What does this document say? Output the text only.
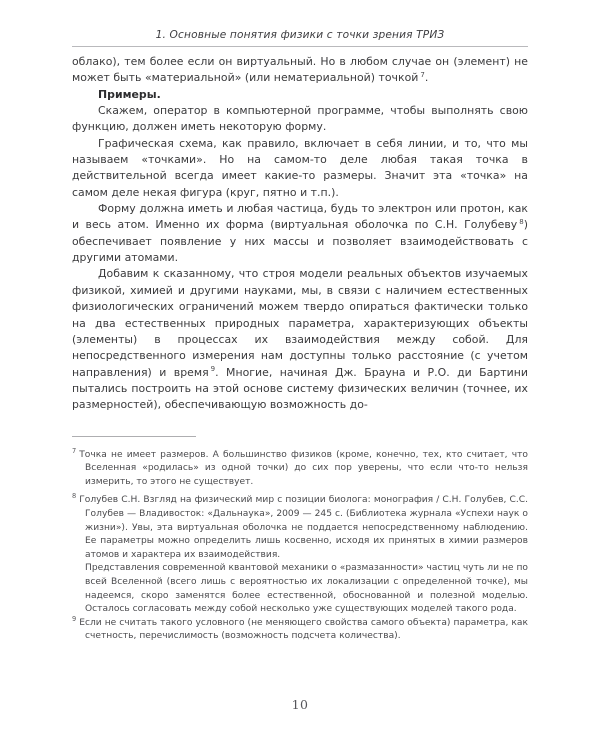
1. Основные понятия физики с точки зрения ТРИЗ

облако), тем более если он виртуальный. Но в любом случае он (элемент) не может быть «материальной» (или нематериальной) точкой $^7$.

Примеры.

Скажем, оператор в компьютерной программе, чтобы выполнять свою функцию, должен иметь некоторую форму.

Графическая схема, как правило, включает в себя линии, и то, что мы называем «точками». Но на самом-то деле любая такая точка в действительной всегда имеет какие-то размеры. Значит эта «точка» на самом деле некая фигура (круг, пятно и т.п.).

Форму должна иметь и любая частица, будь то электрон или протон, как и весь атом. Именно их форма (виртуальная оболочка по С.Н. Голубеву $^8$) обеспечивает появление у них массы и позволяет взаимодействовать с другими атомами.

Добавим к сказанному, что строя модели реальных объектов изучаемых физикой, химией и другими науками, мы, в связи с наличием естественных физиологических ограничений можем твердо опираться фактически только на два естественных природных параметра, характеризующих объекты (элементы) в процессах их взаимодействия между собой. Для непосредственного измерения нам доступны только расстояние (с учетом направления) и время $^9$. Многие, начиная Дж. Брауна и Р.О. ди Бартини пытались построить на этой основе систему физических величин (точнее, их размерностей), обеспечивающую возможность до-

$^7$ Точка не имеет размеров. А большинство физиков (кроме, конечно, тех, кто считает, что Вселенная «родилась» из одной точки) до сих пор уверены, что если что-то нельзя измерить, то этого не существует.

$^8$ Голубев С.Н. Взгляд на физический мир с позиции биолога: монография / С.Н. Голубев, С.С. Голубев — Владивосток: «Дальнаука», 2009 — 245 с. (Библиотека журнала «Успехи наук о жизни»). Увы, эта виртуальная оболочка не поддается непосредственному наблюдению. Ее параметры можно определить лишь косвенно, исходя их принятых в химии размеров атомов и характера их взаимодействия.

Представления современной квантовой механики о «размазанности» частиц чуть ли не по всей Вселенной (всего лишь с вероятностью их локализации с определенной точке), мы надеемся, скоро заменятся более естественной, обоснованной и полезной моделью. Осталось согласовать между собой несколько уже существующих моделей такого рода.

$^9$ Если не считать такого условного (не меняющего свойства самого объекта) параметра, как счетность, перечислимость (возможность подсчета количества).

10
